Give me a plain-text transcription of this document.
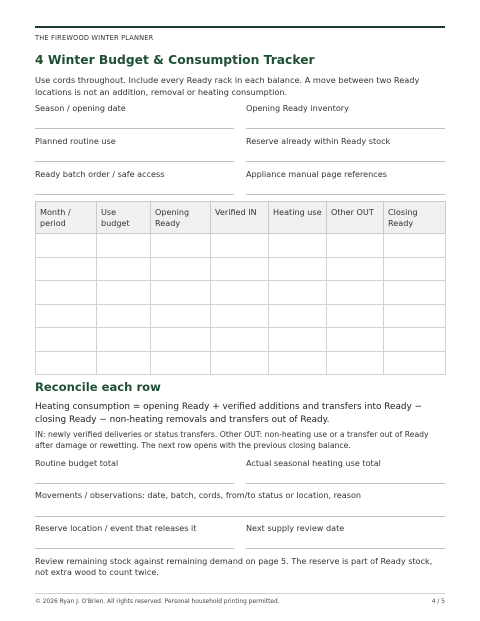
THE FIREWOOD WINTER PLANNER
4 Winter Budget & Consumption Tracker
Use cords throughout. Include every Ready rack in each balance. A move between two Ready locations is not an addition, removal or heating consumption.
Season / opening date	Opening Ready inventory
Planned routine use	Reserve already within Ready stock
Ready batch order / safe access	Appliance manual page references
Month / period	Use budget	Opening Ready	Verified IN	Heating use	Other OUT	Closing Ready

Reconcile each row
Heating consumption = opening Ready + verified additions and transfers into Ready − closing Ready − non-heating removals and transfers out of Ready.
IN: newly verified deliveries or status transfers. Other OUT: non-heating use or a transfer out of Ready after damage or rewetting. The next row opens with the previous closing balance.
Routine budget total	Actual seasonal heating use total
Movements / observations: date, batch, cords, from/to status or location, reason
Reserve location / event that releases it	Next supply review date
Review remaining stock against remaining demand on page 5. The reserve is part of Ready stock, not extra wood to count twice.
© 2026 Ryan J. O'Brien. All rights reserved. Personal household printing permitted.	4 / 5
